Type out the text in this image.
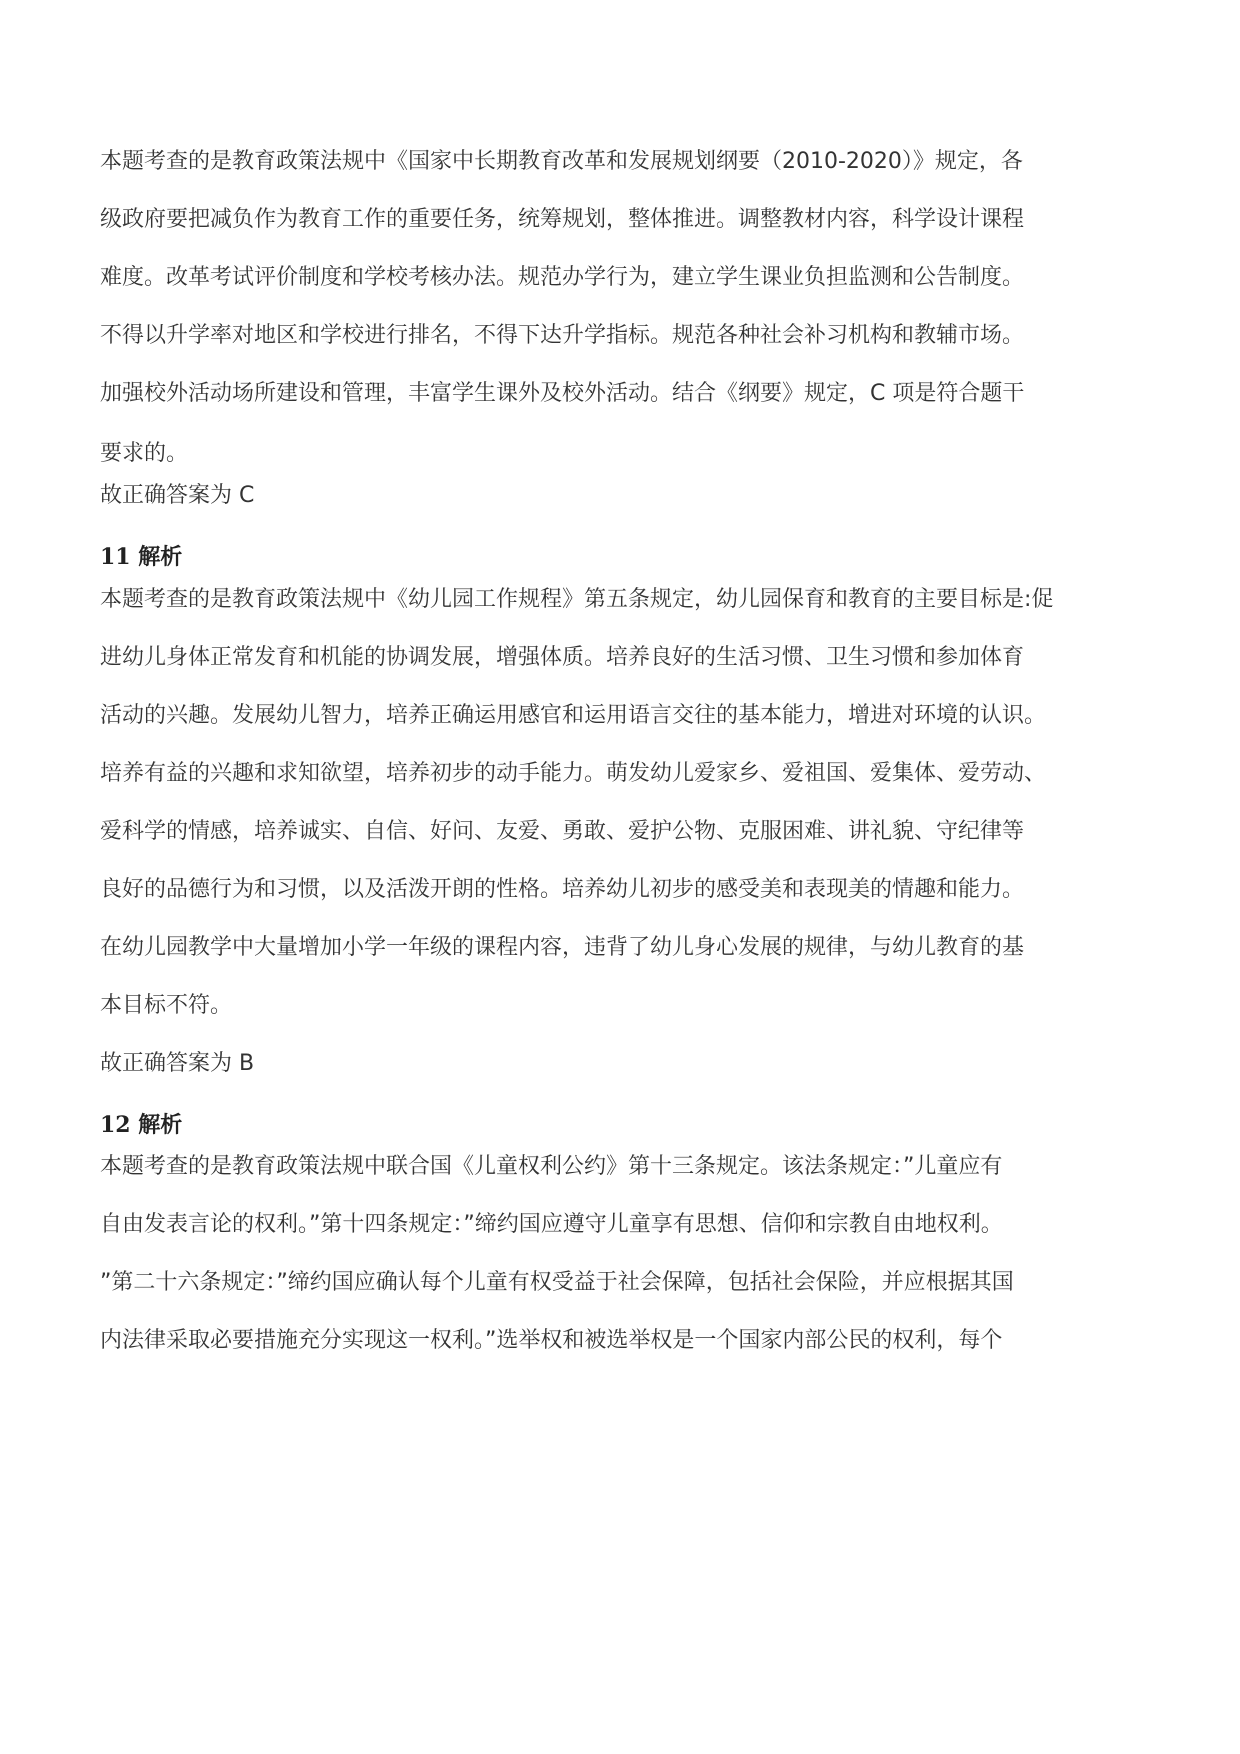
本题考查的是教育政策法规中《国家中长期教育改革和发展规划纲要（2010-2020）》规定，各
级政府要把减负作为教育工作的重要任务，统筹规划，整体推进。调整教材内容，科学设计课程
难度。改革考试评价制度和学校考核办法。规范办学行为，建立学生课业负担监测和公告制度。
不得以升学率对地区和学校进行排名，不得下达升学指标。规范各种社会补习机构和教辅市场。
加强校外活动场所建设和管理，丰富学生课外及校外活动。结合《纲要》规定，C 项是符合题干
要求的。
故正确答案为 C
11 解析
本题考查的是教育政策法规中《幼儿园工作规程》第五条规定，幼儿园保育和教育的主要目标是:促
进幼儿身体正常发育和机能的协调发展，增强体质。培养良好的生活习惯、卫生习惯和参加体育
活动的兴趣。发展幼儿智力，培养正确运用感官和运用语言交往的基本能力，增进对环境的认识。
培养有益的兴趣和求知欲望，培养初步的动手能力。萌发幼儿爱家乡、爱祖国、爱集体、爱劳动、
爱科学的情感，培养诚实、自信、好问、友爱、勇敢、爱护公物、克服困难、讲礼貌、守纪律等
良好的品德行为和习惯，以及活泼开朗的性格。培养幼儿初步的感受美和表现美的情趣和能力。
在幼儿园教学中大量增加小学一年级的课程内容，违背了幼儿身心发展的规律，与幼儿教育的基
本目标不符。
故正确答案为 B
12 解析
本题考查的是教育政策法规中联合国《儿童权利公约》第十三条规定。该法条规定：”儿童应有
自由发表言论的权利。”第十四条规定：”缔约国应遵守儿童享有思想、信仰和宗教自由地权利。
”第二十六条规定：”缔约国应确认每个儿童有权受益于社会保障，包括社会保险，并应根据其国
内法律采取必要措施充分实现这一权利。”选举权和被选举权是一个国家内部公民的权利，每个
